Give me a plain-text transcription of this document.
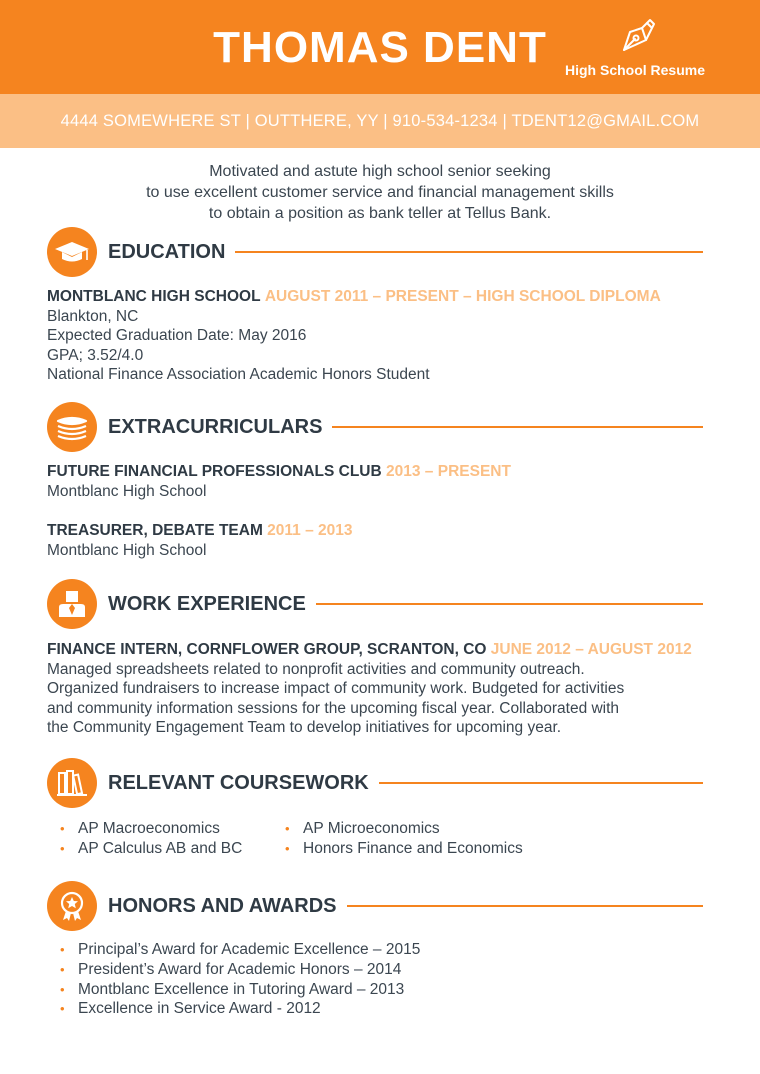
THOMAS DENT	High School Resume
4444 SOMEWHERE ST | OUTTHERE, YY | 910-534-1234 | TDENT12@GMAIL.COM
Motivated and astute high school senior seeking
to use excellent customer service and financial management skills
to obtain a position as bank teller at Tellus Bank.
EDUCATION
MONTBLANC HIGH SCHOOL AUGUST 2011 – PRESENT – HIGH SCHOOL DIPLOMA
Blankton, NC
Expected Graduation Date: May 2016
GPA; 3.52/4.0
National Finance Association Academic Honors Student
EXTRACURRICULARS
FUTURE FINANCIAL PROFESSIONALS CLUB 2013 – PRESENT
Montblanc High School
TREASURER, DEBATE TEAM 2011 – 2013
Montblanc High School
WORK EXPERIENCE
FINANCE INTERN, CORNFLOWER GROUP, SCRANTON, CO JUNE 2012 – AUGUST 2012
Managed spreadsheets related to nonprofit activities and community outreach.
Organized fundraisers to increase impact of community work. Budgeted for activities
and community information sessions for the upcoming fiscal year. Collaborated with
the Community Engagement Team to develop initiatives for upcoming year.
RELEVANT COURSEWORK
• AP Macroeconomics
• AP Calculus AB and BC
• AP Microeconomics
• Honors Finance and Economics
HONORS AND AWARDS
• Principal’s Award for Academic Excellence – 2015
• President’s Award for Academic Honors – 2014
• Montblanc Excellence in Tutoring Award – 2013
• Excellence in Service Award - 2012
